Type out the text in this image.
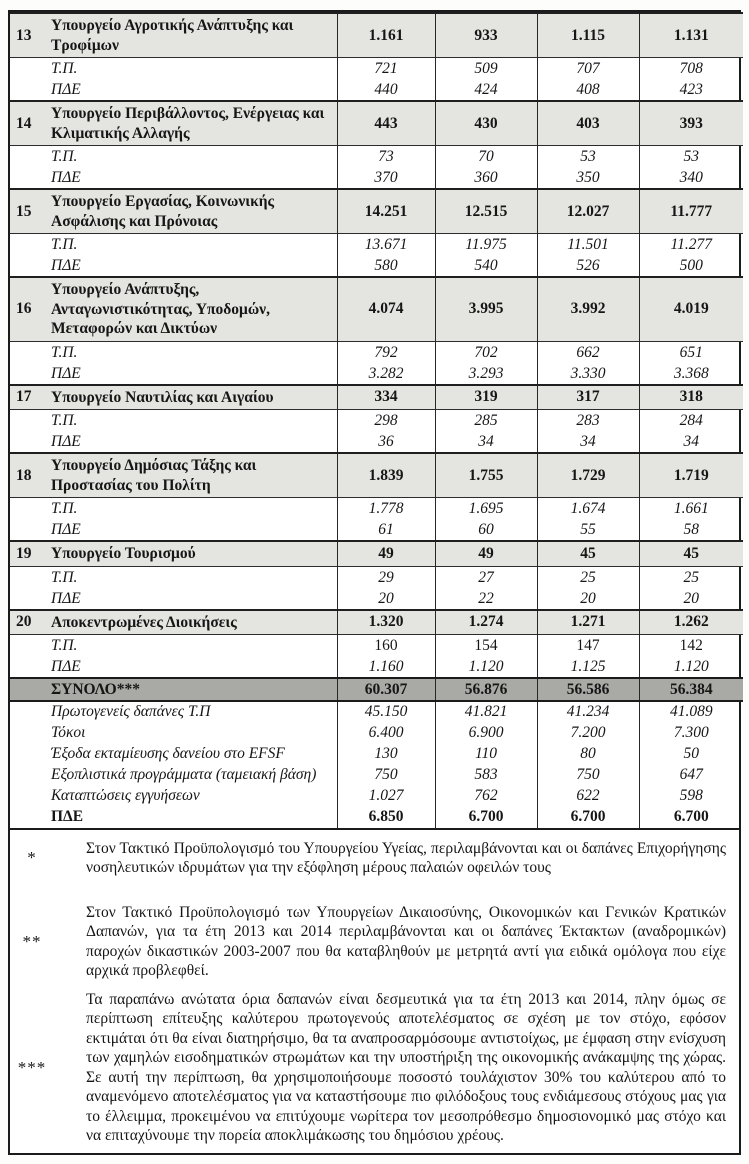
13	Υπουργείο Αγροτικής Ανάπτυξης και Τροφίμων	1.161	933	1.115	1.131
	Τ.Π.	721	509	707	708
	ΠΔΕ	440	424	408	423
14	Υπουργείο Περιβάλλοντος, Ενέργειας και Κλιματικής Αλλαγής	443	430	403	393
	Τ.Π.	73	70	53	53
	ΠΔΕ	370	360	350	340
15	Υπουργείο Εργασίας, Κοινωνικής Ασφάλισης και Πρόνοιας	14.251	12.515	12.027	11.777
	Τ.Π.	13.671	11.975	11.501	11.277
	ΠΔΕ	580	540	526	500
16	Υπουργείο Ανάπτυξης, Ανταγωνιστικότητας, Υποδομών, Μεταφορών και Δικτύων	4.074	3.995	3.992	4.019
	Τ.Π.	792	702	662	651
	ΠΔΕ	3.282	3.293	3.330	3.368
17	Υπουργείο Ναυτιλίας και Αιγαίου	334	319	317	318
	Τ.Π.	298	285	283	284
	ΠΔΕ	36	34	34	34
18	Υπουργείο Δημόσιας Τάξης και Προστασίας του Πολίτη	1.839	1.755	1.729	1.719
	Τ.Π.	1.778	1.695	1.674	1.661
	ΠΔΕ	61	60	55	58
19	Υπουργείο Τουρισμού	49	49	45	45
	Τ.Π.	29	27	25	25
	ΠΔΕ	20	22	20	20
20	Αποκεντρωμένες Διοικήσεις	1.320	1.274	1.271	1.262
	Τ.Π.	160	154	147	142
	ΠΔΕ	1.160	1.120	1.125	1.120
	ΣΥΝΟΛΟ***	60.307	56.876	56.586	56.384
	Πρωτογενείς δαπάνες Τ.Π	45.150	41.821	41.234	41.089
	Τόκοι	6.400	6.900	7.200	7.300
	Έξοδα εκταμίευσης δανείου στο EFSF	130	110	80	50
	Εξοπλιστικά προγράμματα (ταμειακή βάση)	750	583	750	647
	Καταπτώσεις εγγυήσεων	1.027	762	622	598
	ΠΔΕ	6.850	6.700	6.700	6.700
*	Στον Τακτικό Προϋπολογισμό του Υπουργείου Υγείας, περιλαμβάνονται και οι δαπάνες Επιχορήγησης νοσηλευτικών ιδρυμάτων για την εξόφληση μέρους παλαιών οφειλών τους
**
Στον Τακτικό Προϋπολογισμό των Υπουργείων Δικαιοσύνης, Οικονομικών και Γενικών Κρατικών Δαπανών, για τα έτη 2013 και 2014 περιλαμβάνονται και οι δαπάνες Έκτακτων (αναδρομικών) παροχών δικαστικών 2003-2007 που θα καταβληθούν με μετρητά αντί για ειδικά ομόλογα που είχε αρχικά προβλεφθεί.
***
Τα παραπάνω ανώτατα όρια δαπανών είναι δεσμευτικά για τα έτη 2013 και 2014, πλην όμως σε περίπτωση επίτευξης καλύτερου πρωτογενούς αποτελέσματος σε σχέση με τον στόχο, εφόσον εκτιμάται ότι θα είναι διατηρήσιμο, θα τα αναπροσαρμόσουμε αντιστοίχως, με έμφαση στην ενίσχυση των χαμηλών εισοδηματικών στρωμάτων και την υποστήριξη της οικονομικής ανάκαμψης της χώρας. Σε αυτή την περίπτωση, θα χρησιμοποιήσουμε ποσοστό τουλάχιστον 30% του καλύτερου από το αναμενόμενο αποτελέσματος για να καταστήσουμε πιο φιλόδοξους τους ενδιάμεσους στόχους μας για το έλλειμμα, προκειμένου να επιτύχουμε νωρίτερα τον μεσοπρόθεσμο δημοσιονομικό μας στόχο και να επιταχύνουμε την πορεία αποκλιμάκωσης του δημόσιου χρέους.
